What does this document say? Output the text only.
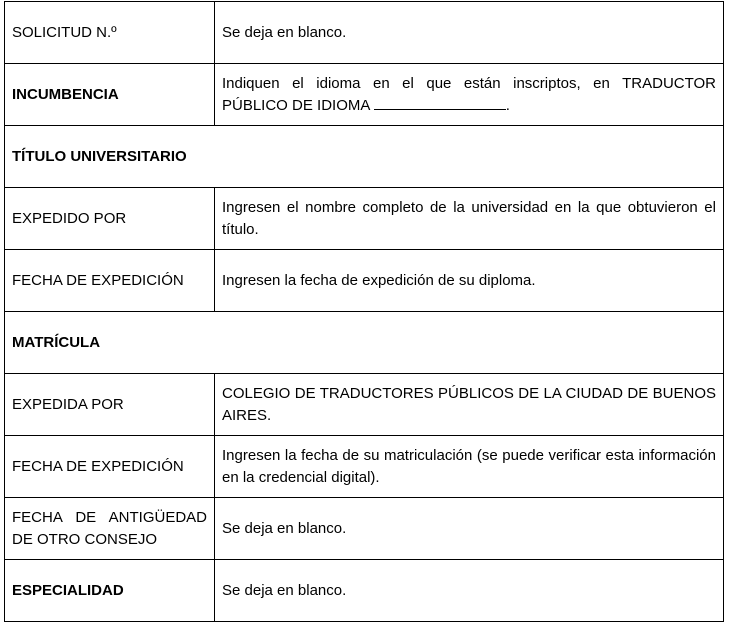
SOLICITUD N.º	Se deja en blanco.
INCUMBENCIA	Indiquen el idioma en el que están inscriptos, en TRADUCTOR
PÚBLICO DE IDIOMA .

TÍTULO UNIVERSITARIO	
EXPEDIDO POR	Ingresen el nombre completo de la universidad en la que obtuvieron el título.
FECHA DE EXPEDICIÓN	Ingresen la fecha de expedición de su diploma.
MATRÍCULA	
EXPEDIDA POR	COLEGIO DE TRADUCTORES PÚBLICOS DE LA CIUDAD DE BUENOS AIRES.
FECHA DE EXPEDICIÓN	Ingresen la fecha de su matriculación (se puede verificar esta información en la credencial digital).
FECHA DE ANTIGÜEDAD DE OTRO CONSEJO	Se deja en blanco.
ESPECIALIDAD	Se deja en blanco.
